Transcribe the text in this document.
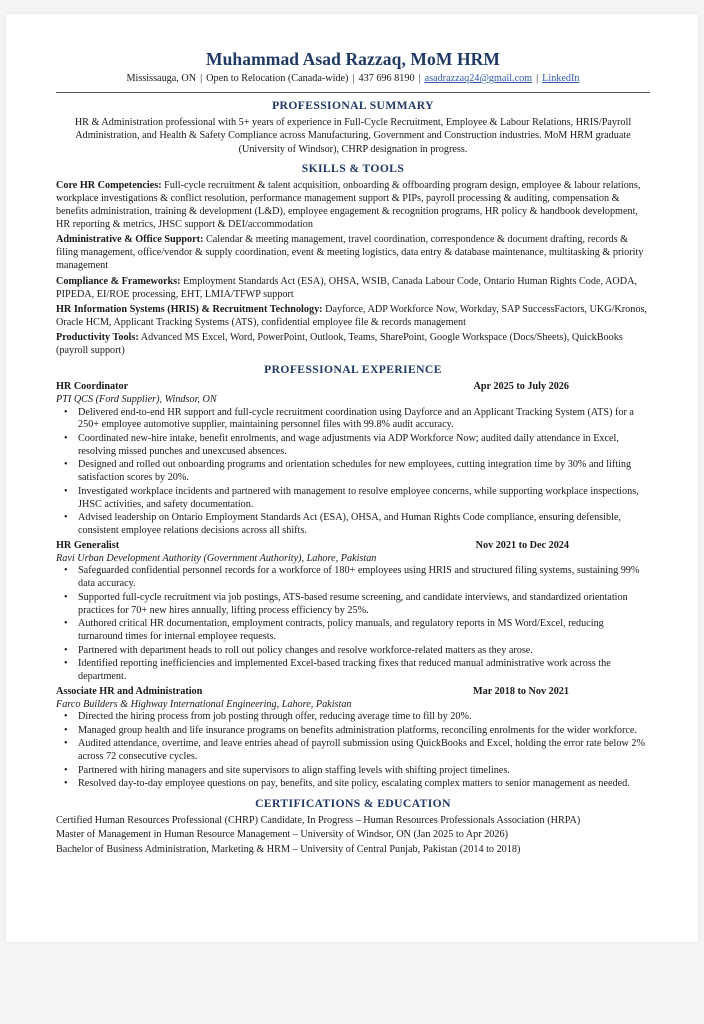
Muhammad Asad Razzaq, MoM HRM
Mississauga, ON | Open to Relocation (Canada-wide) | 437 696 8190 | asadrazzaq24@gmail.com | LinkedIn
PROFESSIONAL SUMMARY
HR & Administration professional with 5+ years of experience in Full-Cycle Recruitment, Employee & Labour Relations, HRIS/Payroll Administration, and Health & Safety Compliance across Manufacturing, Government and Construction industries. MoM HRM graduate (University of Windsor), CHRP designation in progress.
SKILLS & TOOLS
Core HR Competencies: Full-cycle recruitment & talent acquisition, onboarding & offboarding program design, employee & labour relations, workplace investigations & conflict resolution, performance management support & PIPs, payroll processing & auditing, compensation & benefits administration, training & development (L&D), employee engagement & recognition programs, HR policy & handbook development, HR reporting & metrics, JHSC support & DEI/accommodation
Administrative & Office Support: Calendar & meeting management, travel coordination, correspondence & document drafting, records & filing management, office/vendor & supply coordination, event & meeting logistics, data entry & database maintenance, multitasking & priority management
Compliance & Frameworks: Employment Standards Act (ESA), OHSA, WSIB, Canada Labour Code, Ontario Human Rights Code, AODA, PIPEDA, EI/ROE processing, EHT, LMIA/TFWP support
HR Information Systems (HRIS) & Recruitment Technology: Dayforce, ADP Workforce Now, Workday, SAP SuccessFactors, UKG/Kronos, Oracle HCM, Applicant Tracking Systems (ATS), confidential employee file & records management
Productivity Tools: Advanced MS Excel, Word, PowerPoint, Outlook, Teams, SharePoint, Google Workspace (Docs/Sheets), QuickBooks (payroll support)
PROFESSIONAL EXPERIENCE
HR Coordinator	Apr 2025 to July 2026
PTI QCS (Ford Supplier), Windsor, ON
• Delivered end-to-end HR support and full-cycle recruitment coordination using Dayforce and an Applicant Tracking System (ATS) for a 250+ employee automotive supplier, maintaining personnel files with 99.8% audit accuracy.
• Coordinated new-hire intake, benefit enrolments, and wage adjustments via ADP Workforce Now; audited daily attendance in Excel, resolving missed punches and unexcused absences.
• Designed and rolled out onboarding programs and orientation schedules for new employees, cutting integration time by 30% and lifting satisfaction scores by 20%.
• Investigated workplace incidents and partnered with management to resolve employee concerns, while supporting workplace inspections, JHSC activities, and safety documentation.
• Advised leadership on Ontario Employment Standards Act (ESA), OHSA, and Human Rights Code compliance, ensuring defensible, consistent employee relations decisions across all shifts.
HR Generalist	Nov 2021 to Dec 2024
Ravi Urban Development Authority (Government Authority), Lahore, Pakistan
• Safeguarded confidential personnel records for a workforce of 180+ employees using HRIS and structured filing systems, sustaining 99% data accuracy.
• Supported full-cycle recruitment via job postings, ATS-based resume screening, and candidate interviews, and standardized orientation practices for 70+ new hires annually, lifting process efficiency by 25%.
• Authored critical HR documentation, employment contracts, policy manuals, and regulatory reports in MS Word/Excel, reducing turnaround times for internal employee requests.
• Partnered with department heads to roll out policy changes and resolve workforce-related matters as they arose.
• Identified reporting inefficiencies and implemented Excel-based tracking fixes that reduced manual administrative work across the department.
Associate HR and Administration	Mar 2018 to Nov 2021
Farco Builders & Highway International Engineering, Lahore, Pakistan
• Directed the hiring process from job posting through offer, reducing average time to fill by 20%.
• Managed group health and life insurance programs on benefits administration platforms, reconciling enrolments for the wider workforce.
• Audited attendance, overtime, and leave entries ahead of payroll submission using QuickBooks and Excel, holding the error rate below 2% across 72 consecutive cycles.
• Partnered with hiring managers and site supervisors to align staffing levels with shifting project timelines.
• Resolved day-to-day employee questions on pay, benefits, and site policy, escalating complex matters to senior management as needed.
CERTIFICATIONS & EDUCATION
Certified Human Resources Professional (CHRP) Candidate, In Progress – Human Resources Professionals Association (HRPA)
Master of Management in Human Resource Management – University of Windsor, ON (Jan 2025 to Apr 2026)
Bachelor of Business Administration, Marketing & HRM – University of Central Punjab, Pakistan (2014 to 2018)
